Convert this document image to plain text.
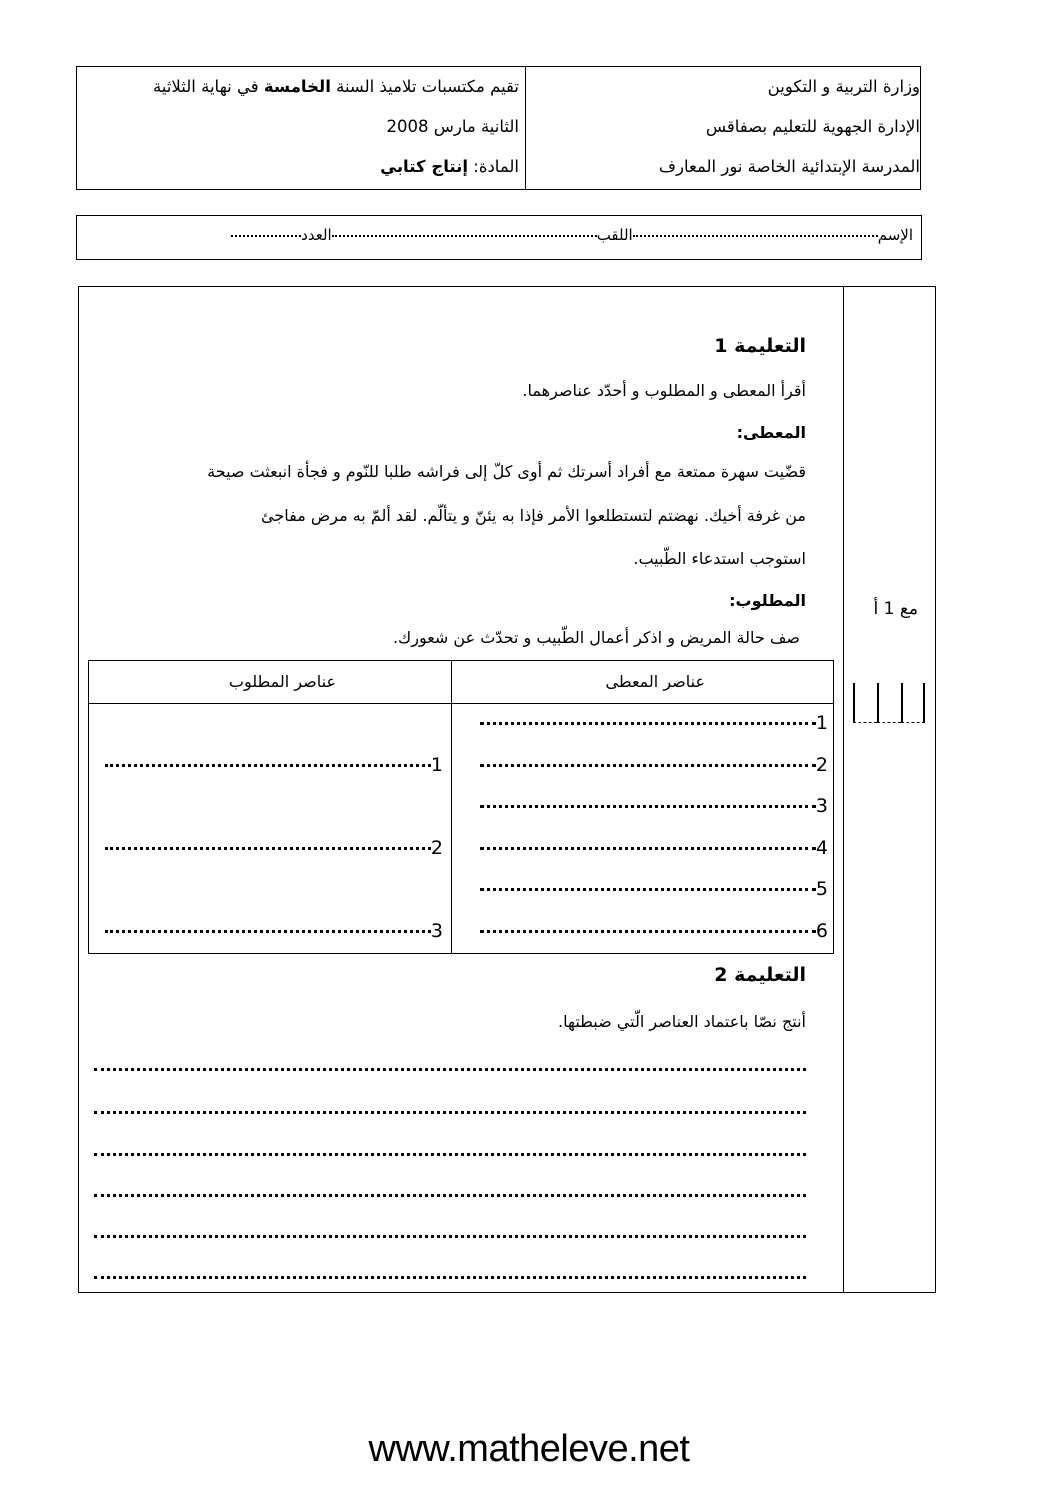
وزارة التربية و التكوين
الإدارة الجهوية للتعليم بصفاقس
المدرسة الإبتدائية الخاصة نور المعارف
تقيم مكتسبات تلاميذ السنة الخامسة في نهاية الثلاثية
الثانية مارس 2008
المادة: إنتاج كتابي
الإسماللقبالعدد
التعليمة 1
أقرأ المعطى و المطلوب و أحدّد عناصرهما.
المعطى:
قضّيت سهرة ممتعة مع أفراد أسرتك ثم أوى كلّ إلى فراشه طلبا للنّوم و فجأة انبعثت صيحة
من غرفة أخيك. نهضتم لتستطلعوا الأمر فإذا به يئنّ و يتألّم. لقد ألمّ به مرض مفاجئ
استوجب استدعاء الطّبيب.
المطلوب:
صف حالة المريض و اذكر أعمال الطّبيب و تحدّث عن شعورك.
عناصر المعطى
عناصر المطلوب
1
2
3
4
5
6
1
2
3
التعليمة 2
أنتج نصّا باعتماد العناصر الّتي ضبطتها.
مع 1 أ
www.matheleve.net
